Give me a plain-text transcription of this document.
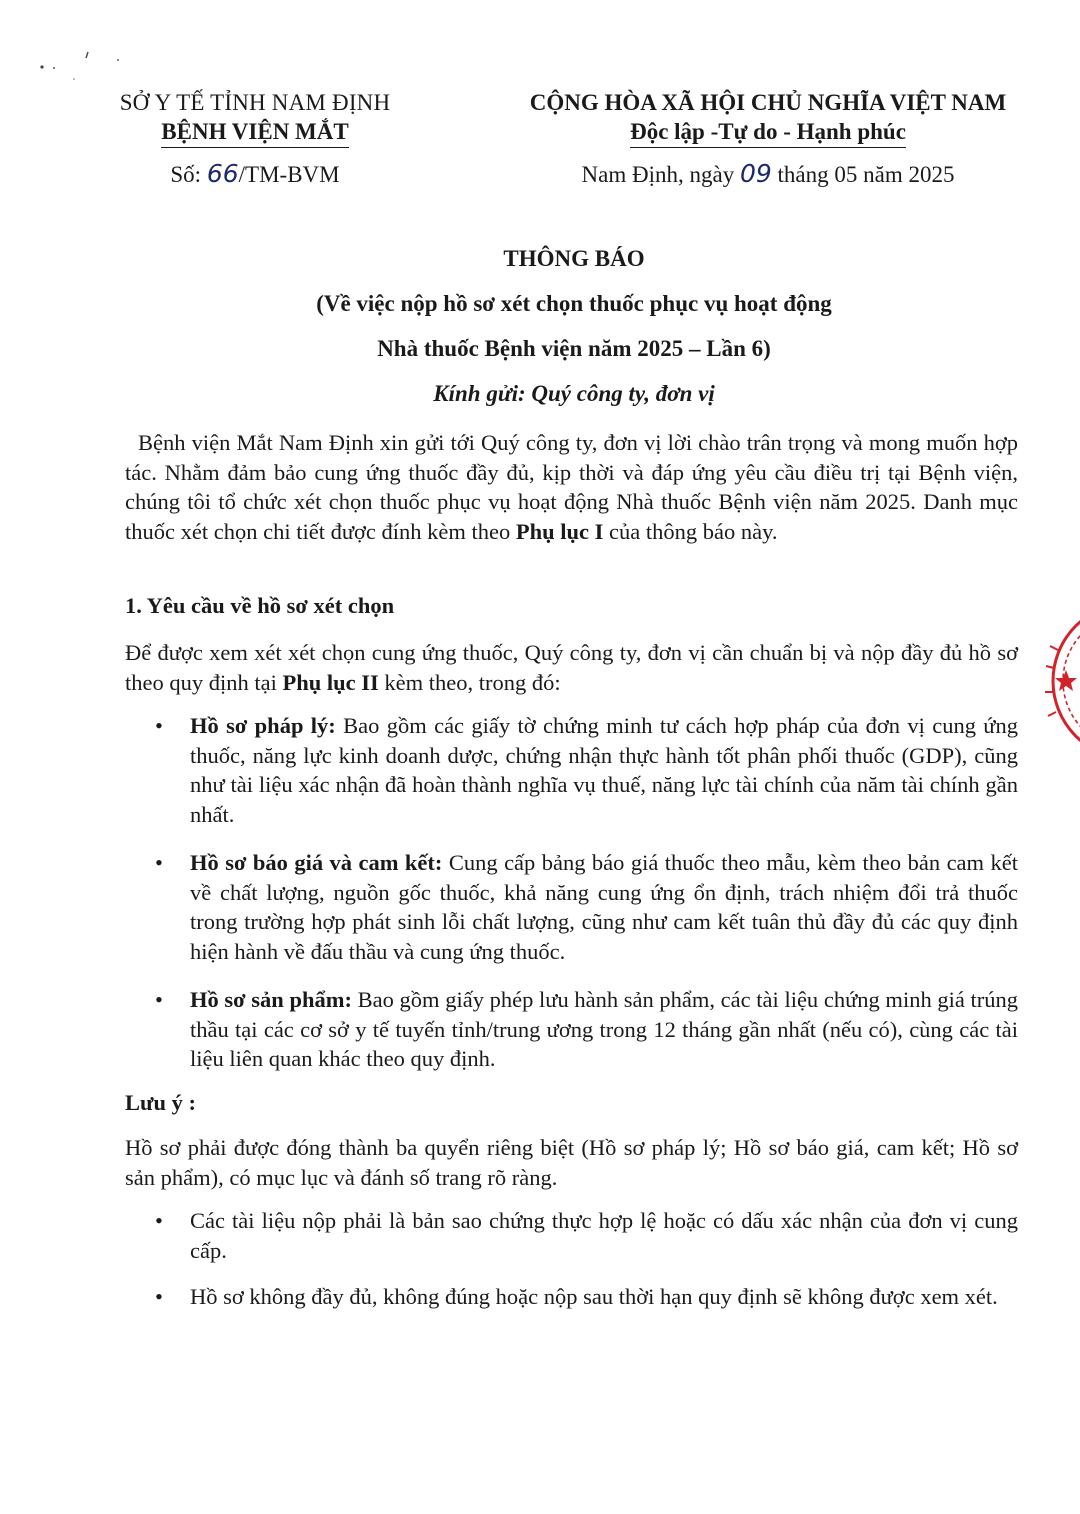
SỞ Y TẾ TỈNH NAM ĐỊNH
BỆNH VIỆN MẮT
Số: 66/TM-BVM
CỘNG HÒA XÃ HỘI CHỦ NGHĨA VIỆT NAM
Độc lập -Tự do - Hạnh phúc
Nam Định, ngày 09 tháng 05 năm 2025
THÔNG BÁO
(Về việc nộp hồ sơ xét chọn thuốc phục vụ hoạt động
Nhà thuốc Bệnh viện năm 2025 – Lần 6)
Kính gửi: Quý công ty, đơn vị
Bệnh viện Mắt Nam Định xin gửi tới Quý công ty, đơn vị lời chào trân trọng và mong muốn hợp tác. Nhằm đảm bảo cung ứng thuốc đầy đủ, kịp thời và đáp ứng yêu cầu điều trị tại Bệnh viện, chúng tôi tổ chức xét chọn thuốc phục vụ hoạt động Nhà thuốc Bệnh viện năm 2025. Danh mục thuốc xét chọn chi tiết được đính kèm theo Phụ lục I của thông báo này.
1. Yêu cầu về hồ sơ xét chọn
Để được xem xét xét chọn cung ứng thuốc, Quý công ty, đơn vị cần chuẩn bị và nộp đầy đủ hồ sơ theo quy định tại Phụ lục II kèm theo, trong đó:
• Hồ sơ pháp lý: Bao gồm các giấy tờ chứng minh tư cách hợp pháp của đơn vị cung ứng thuốc, năng lực kinh doanh dược, chứng nhận thực hành tốt phân phối thuốc (GDP), cũng như tài liệu xác nhận đã hoàn thành nghĩa vụ thuế, năng lực tài chính của năm tài chính gần nhất.
• Hồ sơ báo giá và cam kết: Cung cấp bảng báo giá thuốc theo mẫu, kèm theo bản cam kết về chất lượng, nguồn gốc thuốc, khả năng cung ứng ổn định, trách nhiệm đổi trả thuốc trong trường hợp phát sinh lỗi chất lượng, cũng như cam kết tuân thủ đầy đủ các quy định hiện hành về đấu thầu và cung ứng thuốc.
• Hồ sơ sản phẩm: Bao gồm giấy phép lưu hành sản phẩm, các tài liệu chứng minh giá trúng thầu tại các cơ sở y tế tuyến tỉnh/trung ương trong 12 tháng gần nhất (nếu có), cùng các tài liệu liên quan khác theo quy định.
Lưu ý :
Hồ sơ phải được đóng thành ba quyển riêng biệt (Hồ sơ pháp lý; Hồ sơ báo giá, cam kết; Hồ sơ sản phẩm), có mục lục và đánh số trang rõ ràng.
• Các tài liệu nộp phải là bản sao chứng thực hợp lệ hoặc có dấu xác nhận của đơn vị cung cấp.
• Hồ sơ không đầy đủ, không đúng hoặc nộp sau thời hạn quy định sẽ không được xem xét.
